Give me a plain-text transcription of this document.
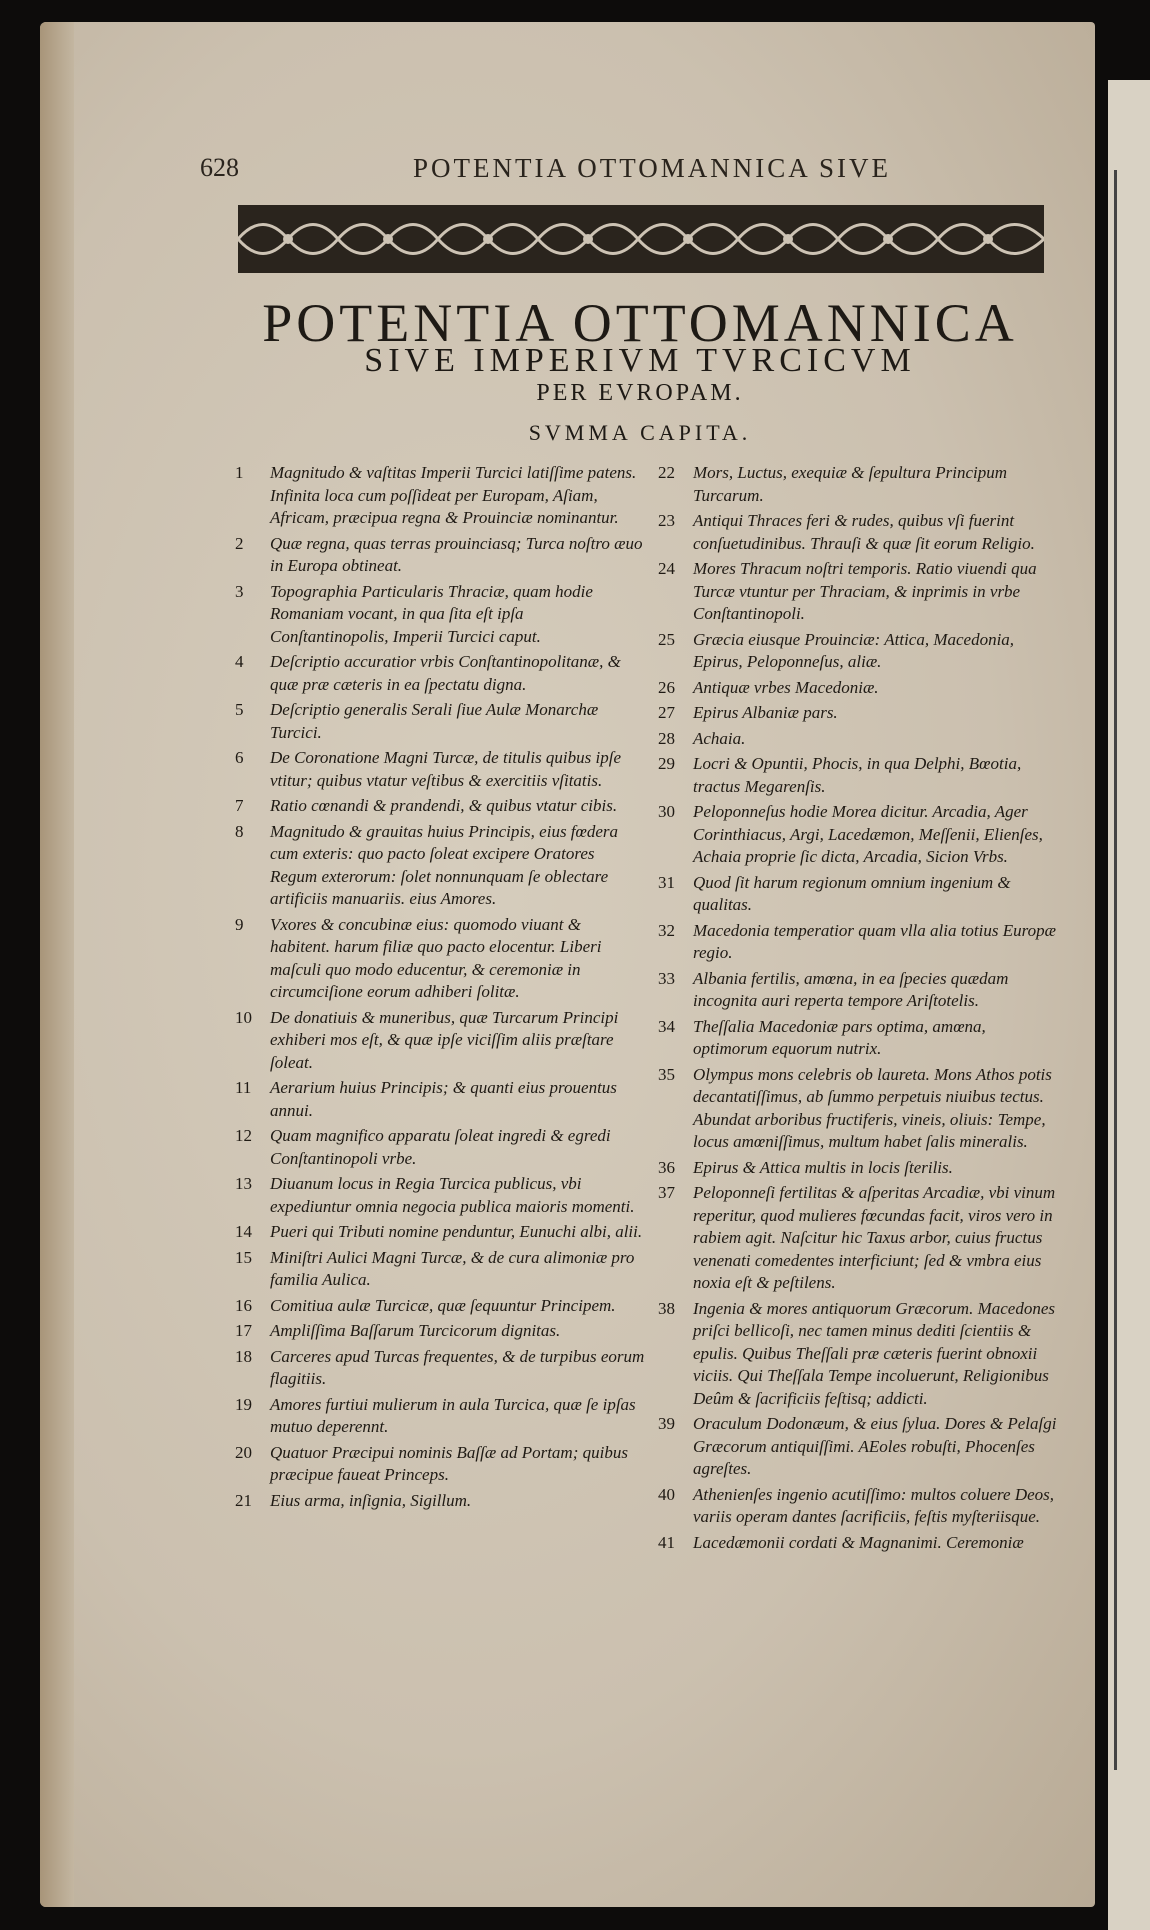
628	POTENTIA OTTOMANNICA SIVE
POTENTIA OTTOMANNICA
SIVE IMPERIVM TVRCICVM
PER EVROPAM.
SVMMA CAPITA.
1	Magnitudo & vaſtitas Imperii Turcici latiſſime patens. Infinita loca cum poſſideat per Europam, Aſiam, Africam, præcipua regna & Prouinciæ nominantur.
2	Quæ regna, quas terras prouinciasq; Turca noſtro æuo in Europa obtineat.
3	Topographia Particularis Thraciæ, quam hodie Romaniam vocant, in qua ſita eſt ipſa Conſtantinopolis, Imperii Turcici caput.
4	Deſcriptio accuratior vrbis Conſtantinopolitanæ, & quæ præ cæteris in ea ſpectatu digna.
5	Deſcriptio generalis Serali ſiue Aulæ Monarchæ Turcici.
6	De Coronatione Magni Turcæ, de titulis quibus ipſe vtitur; quibus vtatur veſtibus & exercitiis vſitatis.
7	Ratio cœnandi & prandendi, & quibus vtatur cibis.
8	Magnitudo & grauitas huius Principis, eius fœdera cum exteris: quo pacto ſoleat excipere Oratores Regum exterorum: ſolet nonnunquam ſe oblectare artificiis manuariis. eius Amores.
9	Vxores & concubinæ eius: quomodo viuant & habitent. harum filiæ quo pacto elocentur. Liberi maſculi quo modo educentur, & ceremoniæ in circumciſione eorum adhiberi ſolitæ.
10	De donatiuis & muneribus, quæ Turcarum Principi exhiberi mos eſt, & quæ ipſe viciſſim aliis præſtare ſoleat.
11	Aerarium huius Principis; & quanti eius prouentus annui.
12	Quam magnifico apparatu ſoleat ingredi & egredi Conſtantinopoli vrbe.
13	Diuanum locus in Regia Turcica publicus, vbi expediuntur omnia negocia publica maioris momenti.
14	Pueri qui Tributi nomine penduntur, Eunuchi albi, alii.
15	Miniſtri Aulici Magni Turcæ, & de cura alimoniæ pro familia Aulica.
16	Comitiua aulæ Turcicæ, quæ ſequuntur Principem.
17	Ampliſſima Baſſarum Turcicorum dignitas.
18	Carceres apud Turcas frequentes, & de turpibus eorum flagitiis.
19	Amores furtiui mulierum in aula Turcica, quæ ſe ipſas mutuo deperennt.
20	Quatuor Præcipui nominis Baſſæ ad Portam; quibus præcipue faueat Princeps.
21	Eius arma, inſignia, Sigillum.
22	Mors, Luctus, exequiæ & ſepultura Principum Turcarum.
23	Antiqui Thraces feri & rudes, quibus vſi fuerint conſuetudinibus. Thrauſi & quæ ſit eorum Religio.
24	Mores Thracum noſtri temporis. Ratio viuendi qua Turcæ vtuntur per Thraciam, & inprimis in vrbe Conſtantinopoli.
25	Græcia eiusque Prouinciæ: Attica, Macedonia, Epirus, Peloponneſus, aliæ.
26	Antiquæ vrbes Macedoniæ.
27	Epirus Albaniæ pars.
28	Achaia.
29	Locri & Opuntii, Phocis, in qua Delphi, Bœotia, tractus Megarenſis.
30	Peloponneſus hodie Morea dicitur. Arcadia, Ager Corinthiacus, Argi, Lacedæmon, Meſſenii, Elienſes, Achaia proprie ſic dicta, Arcadia, Sicion Vrbs.
31	Quod ſit harum regionum omnium ingenium & qualitas.
32	Macedonia temperatior quam vlla alia totius Europæ regio.
33	Albania fertilis, amœna, in ea ſpecies quædam incognita auri reperta tempore Ariſtotelis.
34	Theſſalia Macedoniæ pars optima, amœna, optimorum equorum nutrix.
35	Olympus mons celebris ob laureta. Mons Athos potis decantatiſſimus, ab ſummo perpetuis niuibus tectus. Abundat arboribus fructiferis, vineis, oliuis: Tempe, locus amœniſſimus, multum habet ſalis mineralis.
36	Epirus & Attica multis in locis ſterilis.
37	Peloponneſi fertilitas & aſperitas Arcadiæ, vbi vinum reperitur, quod mulieres fœcundas facit, viros vero in rabiem agit. Naſcitur hic Taxus arbor, cuius fructus venenati comedentes interficiunt; ſed & vmbra eius noxia eſt & peſtilens.
38	Ingenia & mores antiquorum Græcorum. Macedones priſci bellicoſi, nec tamen minus dediti ſcientiis & epulis. Quibus Theſſali præ cæteris fuerint obnoxii viciis. Qui Theſſala Tempe incoluerunt, Religionibus Deûm & ſacrificiis feſtisq; addicti.
39	Oraculum Dodonæum, & eius ſylua. Dores & Pelaſgi Græcorum antiquiſſimi. AEoles robuſti, Phocenſes agreſtes.
40	Athenienſes ingenio acutiſſimo: multos coluere Deos, variis operam dantes ſacrificiis, feſtis myſteriisque.
41	Lacedæmonii cordati & Magnanimi. Ceremoniæ
